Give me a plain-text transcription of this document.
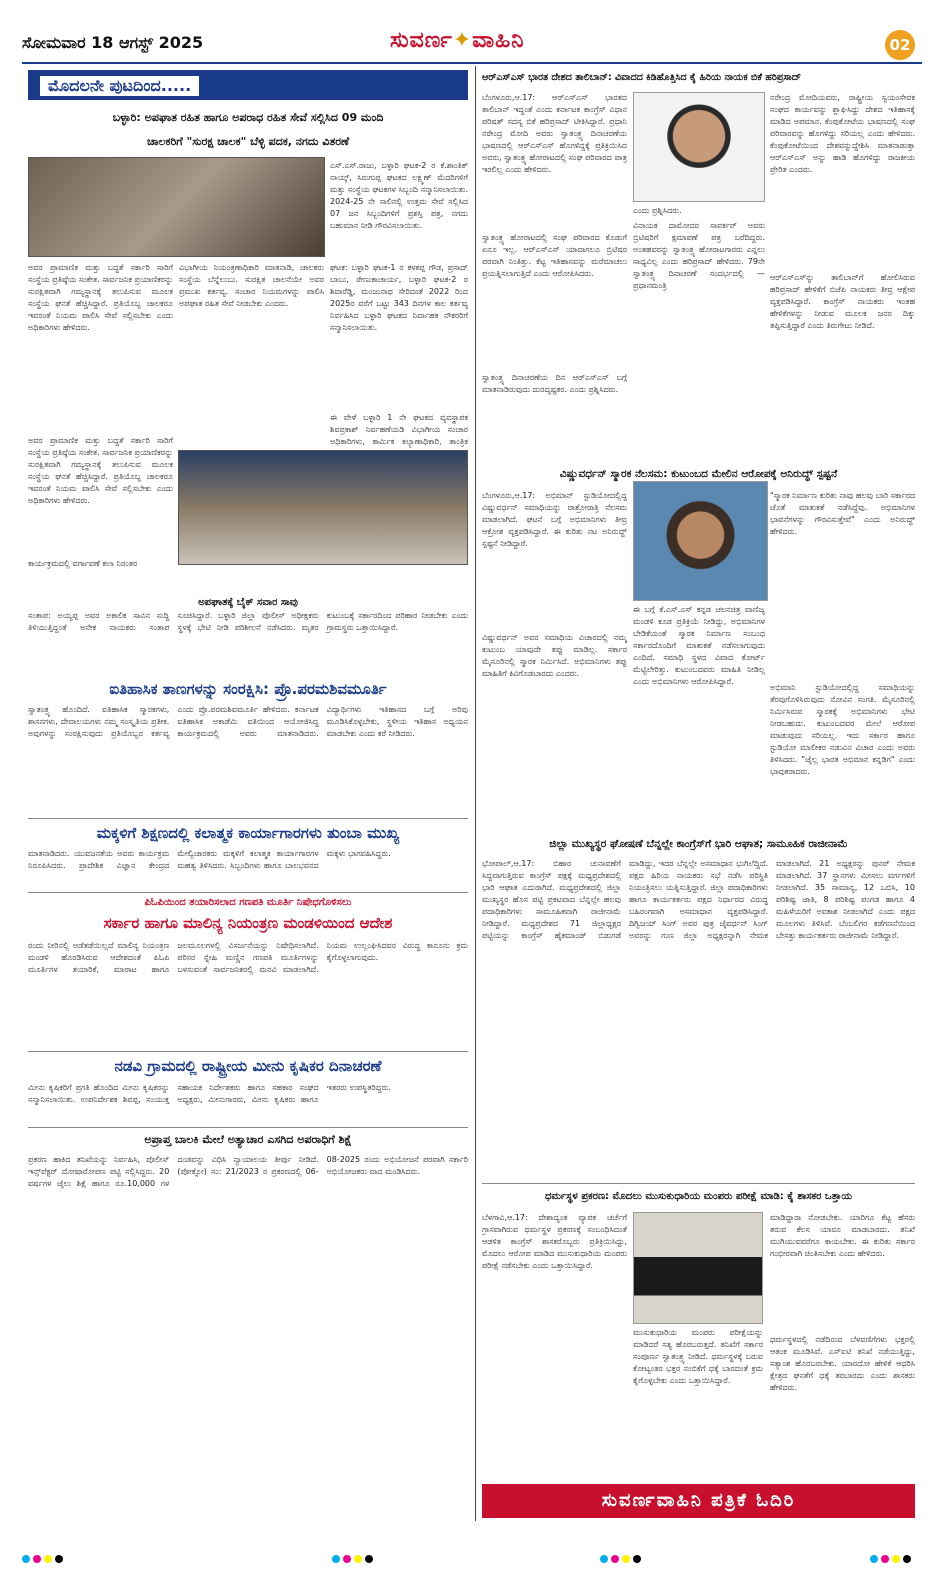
ಸೋಮವಾರ 18 ಆಗಸ್ಟ್ 2025	ಸುವರ್ಣ✦ವಾಹಿನಿ	02
ಮೊದಲನೇ ಪುಟದಿಂದ.....
ಬಳ್ಳಾರಿ: ಅಪಘಾತ ರಹಿತ ಹಾಗೂ ಅಪರಾಧ ರಹಿತ ಸೇವೆ ಸಲ್ಲಿಸಿದ 09 ಮಂದಿ
ಚಾಲಕರಿಗೆ "ಸುರಕ್ಷ ಚಾಲಕ" ಬೆಳ್ಳಿ ಪದಕ, ನಗದು ವಿತರಣೆ
ಅವರ ಪ್ರಾಮಾಣಿಕ ಮತ್ತು ಬದ್ಧತೆ ಸರ್ಕಾರಿ ಸಾರಿಗೆ ಸಂಸ್ಥೆಯ ಪ್ರತಿಷ್ಠೆಯ ಸಂಕೇತ. ಸಾರ್ವಜನಿಕ ಪ್ರಯಾಣಿಕರನ್ನು ಸುರಕ್ಷಿತವಾಗಿ ಗಮ್ಯಸ್ಥಾನಕ್ಕೆ ತಲುಪಿಸುವ ಮೂಲಕ ಸಂಸ್ಥೆಯ ಘನತೆ ಹೆಚ್ಚಿಸಿದ್ದಾರೆ. ಪ್ರತಿಯೊಬ್ಬ ಚಾಲಕರೂ ಇವರಂತೆ ನಿಯಮ ಪಾಲಿಸಿ ಸೇವೆ ಸಲ್ಲಿಸಬೇಕು ಎಂದು ಅಧಿಕಾರಿಗಳು ಹೇಳಿದರು.
ವಿಭಾಗೀಯ ನಿಯಂತ್ರಣಾಧಿಕಾರಿ ಮಾತನಾಡಿ, ಚಾಲಕರು ಸಂಸ್ಥೆಯ ಬೆನ್ನೆಲುಬು. ಸುರಕ್ಷಿತ ಚಾಲನೆಯೇ ಅವರ ಪ್ರಮುಖ ಕರ್ತವ್ಯ. ಸಂಚಾರ ನಿಯಮಗಳನ್ನು ಪಾಲಿಸಿ ಅಪಘಾತ ರಹಿತ ಸೇವೆ ನೀಡಬೇಕು ಎಂದರು.
ಎಸ್.ಎಸ್.ರಾಜು, ಬಳ್ಳಾರಿ ಘಟಕ-2 ರ ಕೆ.ಶಾಂತಿಕ್ ನಾಯ್ಕ್, ಸಿರುಗುಪ್ಪ ಘಟಕದ ಲಕ್ಷ್ಮಣ್ ಮೆದರಿಗಳಿಗೆ ಮತ್ತು ಸಂಸ್ಥೆಯ ಘಟಕಗಳ ಸಿಬ್ಬಂದಿ ಸನ್ಮಾನಿಸಲಾಯಿತು. 2024-25 ನೇ ಸಾಲಿನಲ್ಲಿ ಉತ್ತಮ ಸೇವೆ ಸಲ್ಲಿಸಿದ 07 ಜನ ಸಿಬ್ಬಂದಿಗಳಿಗೆ ಪ್ರಶಸ್ತಿ ಪತ್ರ, ನಗದು ಬಹುಮಾನ ನೀಡಿ ಗೌರವಿಸಲಾಯಿತು.
ಘಟಕ: ಬಳ್ಳಾರಿ ಘಟಕ-1 ರ ಕಳಕಪ್ಪ ಗೌಡ, ಪ್ರಸಾದ್ ಬಾಬು, ರೇಣುಕಾಚಾರ್ಯ, ಬಳ್ಳಾರಿ ಘಟಕ-2 ರ ಶಿವಾರೆಡ್ಡಿ, ಮಂಜುನಾಥ ಸೇರಿದಂತೆ 2022 ರಿಂದ 2025ರ ವರೆಗೆ ಒಟ್ಟು 343 ದಿನಗಳ ಕಾಲ ಕರ್ತವ್ಯ ನಿರ್ವಹಿಸಿದ ಬಳ್ಳಾರಿ ಘಟಕದ ನಿರ್ವಾಹಕ ನೌಕರರಿಗೆ ಸನ್ಮಾನಿಸಲಾಯಿತು.
ಈ ವೇಳೆ ಬಳ್ಳಾರಿ 1 ನೇ ಘಟಕದ ವ್ಯವಸ್ಥಾಪಕ ಶಿವಪ್ರಕಾಶ್ ನಿರ್ವಹಣೆಯಡಿ ವಿಭಾಗೀಯ ಸಂಚಾರ ಅಧಿಕಾರಿಗಳು, ಕಾರ್ಮಿಕ ಕಲ್ಯಾಣಾಧಿಕಾರಿ, ತಾಂತ್ರಿಕ
ಅವರ ಪ್ರಾಮಾಣಿಕ ಮತ್ತು ಬದ್ಧತೆ ಸರ್ಕಾರಿ ಸಾರಿಗೆ ಸಂಸ್ಥೆಯ ಪ್ರತಿಷ್ಠೆಯ ಸಂಕೇತ. ಸಾರ್ವಜನಿಕ ಪ್ರಯಾಣಿಕರನ್ನು ಸುರಕ್ಷಿತವಾಗಿ ಗಮ್ಯಸ್ಥಾನಕ್ಕೆ ತಲುಪಿಸುವ ಮೂಲಕ ಸಂಸ್ಥೆಯ ಘನತೆ ಹೆಚ್ಚಿಸಿದ್ದಾರೆ. ಪ್ರತಿಯೊಬ್ಬ ಚಾಲಕರೂ ಇವರಂತೆ ನಿಯಮ ಪಾಲಿಸಿ ಸೇವೆ ಸಲ್ಲಿಸಬೇಕು ಎಂದು ಅಧಿಕಾರಿಗಳು ಹೇಳಿದರು.
ಕಾರ್ಯಕ್ರಮದಲ್ಲಿ ವರ್ಗಾವಣೆ ಕಲಾ ನಿರಂತರ
ಅಪಘಾತಕ್ಕೆ ಬೈಕ್ ಸವಾರ ಸಾವು
ಸಂತಾಪ: ಅಯ್ಯಪ್ಪ ಅವರ ಅಕಾಲಿಕ ಸಾವಿನ ಸುದ್ದಿ ತಿಳಿಯುತ್ತಿದ್ದಂತೆ ಅನೇಕ ನಾಯಕರು ಸಂತಾಪ ಸೂಚಿಸಿದ್ದಾರೆ. ಬಳ್ಳಾರಿ ಜಿಲ್ಲಾ ಪೊಲೀಸ್ ಅಧೀಕ್ಷಕರು ಸ್ಥಳಕ್ಕೆ ಭೇಟಿ ನೀಡಿ ಪರಿಶೀಲನೆ ನಡೆಸಿದರು. ಮೃತರ ಕುಟುಂಬಕ್ಕೆ ಸರ್ಕಾರದಿಂದ ಪರಿಹಾರ ನೀಡಬೇಕು ಎಂದು ಗ್ರಾಮಸ್ಥರು ಒತ್ತಾಯಿಸಿದ್ದಾರೆ.
ಐತಿಹಾಸಿಕ ತಾಣಗಳನ್ನು ಸಂರಕ್ಷಿಸಿ: ಪ್ರೊ.ಪರಮಶಿವಮೂರ್ತಿ
ಸ್ವಾತಂತ್ರ್ಯ ಹೊಂದಿದೆ. ಐತಿಹಾಸಿಕ ಸ್ಮಾರಕಗಳು, ಶಾಸನಗಳು, ದೇವಾಲಯಗಳು ನಮ್ಮ ಸಂಸ್ಕೃತಿಯ ಪ್ರತೀಕ. ಅವುಗಳನ್ನು ಸಂರಕ್ಷಿಸುವುದು ಪ್ರತಿಯೊಬ್ಬರ ಕರ್ತವ್ಯ ಎಂದು ಪ್ರೊ.ಪರಮಶಿವಮೂರ್ತಿ ಹೇಳಿದರು. ಕರ್ನಾಟಕ ಐತಿಹಾಸಿಕ ಅಕಾಡೆಮಿ ವತಿಯಿಂದ ಆಯೋಜಿಸಿದ್ದ ಕಾರ್ಯಕ್ರಮದಲ್ಲಿ ಅವರು ಮಾತನಾಡಿದರು. ವಿದ್ಯಾರ್ಥಿಗಳು ಇತಿಹಾಸದ ಬಗ್ಗೆ ಅರಿವು ಮೂಡಿಸಿಕೊಳ್ಳಬೇಕು, ಸ್ಥಳೀಯ ಇತಿಹಾಸ ಅಧ್ಯಯನ ಮಾಡಬೇಕು ಎಂದು ಕರೆ ನೀಡಿದರು.
ಮಕ್ಕಳಿಗೆ ಶಿಕ್ಷಣದಲ್ಲಿ ಕಲಾತ್ಮಕ ಕಾರ್ಯಾಗಾರಗಳು ತುಂಬಾ ಮುಖ್ಯ
ಮಾತನಾಡಿದರು. ಯುವಜನತೆಯ ಅವರು ಕಾರ್ಯಕ್ರಮ ನಿರೂಪಿಸಿದರು. ಪ್ರಾದೇಶಿಕ ವಿಜ್ಞಾನ ಕೇಂದ್ರದ ಮೇಲ್ವಿಚಾರಕರು ಮಕ್ಕಳಿಗೆ ಕಲಾತ್ಮಕ ಕಾರ್ಯಾಗಾರಗಳ ಮಹತ್ವ ತಿಳಿಸಿದರು. ಸಿಬ್ಬಂದಿಗಳು ಹಾಗೂ ಬಾಲಭವನದ ಮಕ್ಕಳು ಭಾಗವಹಿಸಿದ್ದರು.
ಪಿಓಪಿಯಿಂದ ತಯಾರಿಸಲಾದ ಗಣಪತಿ ಮೂರ್ತಿ ನಿಷೇಧಗೊಳಿಸಲು
ಸರ್ಕಾರ ಹಾಗೂ ಮಾಲಿನ್ಯ ನಿಯಂತ್ರಣ ಮಂಡಳಿಯಿಂದ ಆದೇಶ
ರಂದು ನೀರಿನಲ್ಲಿ ಅಡೆತಡೆಯಿಲ್ಲದೆ ಮಾಲಿನ್ಯ ನಿಯಂತ್ರಣ ಮಂಡಳಿ ಹೊರಡಿಸಿರುವ ಆದೇಶದಂತೆ ಪಿಓಪಿ ಮೂರ್ತಿಗಳ ತಯಾರಿಕೆ, ಮಾರಾಟ ಹಾಗೂ ಜಲಮೂಲಗಳಲ್ಲಿ ವಿಸರ್ಜನೆಯನ್ನು ನಿಷೇಧಿಸಲಾಗಿದೆ. ಪರಿಸರ ಸ್ನೇಹಿ ಮಣ್ಣಿನ ಗಣಪತಿ ಮೂರ್ತಿಗಳನ್ನು ಬಳಸುವಂತೆ ಸಾರ್ವಜನಿಕರಲ್ಲಿ ಮನವಿ ಮಾಡಲಾಗಿದೆ. ನಿಯಮ ಉಲ್ಲಂಘಿಸಿದವರ ವಿರುದ್ಧ ಕಾನೂನು ಕ್ರಮ ಕೈಗೊಳ್ಳಲಾಗುವುದು.
ನಡವಿ ಗ್ರಾಮದಲ್ಲಿ ರಾಷ್ಟ್ರೀಯ ಮೀನು ಕೃಷಿಕರ ದಿನಾಚರಣೆ
ಮೀನು ಕೃಷಿಕರಿಗೆ ಪ್ರಗತಿ ಹೊಂದಿದ ಮೀನು ಕೃಷಿಕರನ್ನು ಸನ್ಮಾನಿಸಲಾಯಿತು. ಉಪನಿರ್ದೇಶಕ ಶಿವಪ್ಪ, ಸಂಯುಕ್ತ ಸಹಾಯಕ ನಿರ್ದೇಶಕರು ಹಾಗೂ ಸಹಕಾರ ಸಂಘದ ಅಧ್ಯಕ್ಷರು, ಮೀನುಗಾರರು, ಮೀನು ಕೃಷಿಕರು ಹಾಗೂ ಇತರರು ಉಪಸ್ಥಿತರಿದ್ದರು.
ಅಪ್ರಾಪ್ತ ಬಾಲಕಿ ಮೇಲೆ ಅತ್ಯಾಚಾರ ಎಸಗಿದ ಅಪರಾಧಿಗೆ ಶಿಕ್ಷೆ
ಪ್ರಕರಣ ಹಾಕಿದ ತನಿಖೆಯನ್ನು ನಿರ್ವಹಿಸಿ, ಪೊಲೀಸ್ ಇನ್ಸ್‌ಪೆಕ್ಟರ್ ದೋಷಾರೋಪಣ ಪಟ್ಟಿ ಸಲ್ಲಿಸಿದ್ದರು. 20 ವರ್ಷಗಳ ಜೈಲು ಶಿಕ್ಷೆ ಹಾಗೂ ರೂ.10,000 ಗಳ ದಂಡವನ್ನು ವಿಧಿಸಿ ನ್ಯಾಯಾಲಯ ತೀರ್ಪು ನೀಡಿದೆ. (ಪೋಕ್ಸೋ) ಸಂ: 21/2023 ರ ಪ್ರಕರಣದಲ್ಲಿ 06-08-2025 ರಂದು ಅಭಿಯೋಜನೆ ಪರವಾಗಿ ಸರ್ಕಾರಿ ಅಭಿಯೋಜಕರು ವಾದ ಮಂಡಿಸಿದರು.
ಆರ್‌ಎಸ್‌ಎಸ್ ಭಾರತ ದೇಶದ ತಾಲಿಬಾನ್: ವಿವಾದದ ಕಿಡಿಹೊತ್ತಿಸಿದ ಕೈ ಹಿರಿಯ ನಾಯಕ ಬಿಕೆ ಹರಿಪ್ರಸಾದ್
ಬೆಂಗಳೂರು,ಆ.17: ಆರ್‌ಎಸ್‌ಎಸ್ ಭಾರತದ ತಾಲಿಬಾನ್ ಇದ್ದಂತೆ ಎಂದು ಕರ್ನಾಟಕ ಕಾಂಗ್ರೆಸ್ ವಿಧಾನ ಪರಿಷತ್ ಸದಸ್ಯ ಬಿಕೆ ಹರಿಪ್ರಸಾದ್ ಟೀಕಿಸಿದ್ದಾರೆ. ಪ್ರಧಾನಿ ನರೇಂದ್ರ ಮೋದಿ ಅವರು ಸ್ವಾತಂತ್ರ್ಯ ದಿನಾಚರಣೆಯ ಭಾಷಣದಲ್ಲಿ ಆರ್‌ಎಸ್‌ಎಸ್ ಹೊಗಳಿದ್ದಕ್ಕೆ ಪ್ರತಿಕ್ರಿಯಿಸಿದ ಅವರು, ಸ್ವಾತಂತ್ರ್ಯ ಹೋರಾಟದಲ್ಲಿ ಸಂಘ ಪರಿವಾರದ ಪಾತ್ರ ಇರಲಿಲ್ಲ ಎಂದು ಹೇಳಿದರು.
ಎಂದು ಪ್ರಶ್ನಿಸಿದರು.
ನರೇಂದ್ರ ಮೋದಿಯವರು, ರಾಷ್ಟ್ರೀಯ ಸ್ವಯಂಸೇವಕ ಸಂಘದ ಕಾರ್ಯವನ್ನು ಶ್ಲಾಘಿಸಿದ್ದು ದೇಶದ ಇತಿಹಾಸಕ್ಕೆ ಮಾಡಿದ ಅಪಮಾನ. ಕೆಂಪುಕೋಟೆಯ ಭಾಷಣದಲ್ಲಿ ಸಂಘ ಪರಿವಾರವನ್ನು ಹೊಗಳಿದ್ದು ಸರಿಯಲ್ಲ ಎಂದು ಹೇಳಿದರು. ಕೆಂಪುಕೋಟೆಯಿಂದ ದೇಶವನ್ನುದ್ದೇಶಿಸಿ ಮಾತನಾಡುತ್ತಾ ಆರ್‌ಎಸ್‌ಎಸ್ ಅನ್ನು ಹಾಡಿ ಹೊಗಳಿದ್ದು ರಾಜಕೀಯ ಪ್ರೇರಿತ ಎಂದರು.
ಸ್ವಾತಂತ್ರ್ಯ ಹೋರಾಟದಲ್ಲಿ ಸಂಘ ಪರಿವಾರದ ಕೊಡುಗೆ ಏನೂ ಇಲ್ಲ. ಆರ್‌ಎಸ್‌ಎಸ್ ಯಾವಾಗಲೂ ಬ್ರಿಟಿಷರ ಪರವಾಗಿ ನಿಂತಿತ್ತು. ಕೆಟ್ಟ ಇತಿಹಾಸವನ್ನು ಮರೆಮಾಚಲು ಪ್ರಯತ್ನಿಸಲಾಗುತ್ತಿದೆ ಎಂದು ಆರೋಪಿಸಿದರು.
ವಿನಾಯಕ ದಾಮೋದರ ಸಾವರ್ಕರ್ ಅವರು ಬ್ರಿಟಿಷರಿಗೆ ಕ್ಷಮಾಪಣೆ ಪತ್ರ ಬರೆದಿದ್ದರು. ಅಂತಹವರನ್ನು ಸ್ವಾತಂತ್ರ್ಯ ಹೋರಾಟಗಾರರು ಎನ್ನಲು ಸಾಧ್ಯವಿಲ್ಲ ಎಂದು ಹರಿಪ್ರಸಾದ್ ಹೇಳಿದರು. 79ನೇ ಸ್ವಾತಂತ್ರ್ಯ ದಿನಾಚರಣೆ ಸಂದರ್ಭದಲ್ಲಿ — ಪ್ರಧಾನಮಂತ್ರಿ
ಆರ್‌ಎಸ್‌ಎಸ್‌ನ್ನು ತಾಲಿಬಾನ್‌ಗೆ ಹೋಲಿಸಿರುವ ಹರಿಪ್ರಸಾದ್ ಹೇಳಿಕೆಗೆ ಬಿಜೆಪಿ ನಾಯಕರು ತೀವ್ರ ಆಕ್ಷೇಪ ವ್ಯಕ್ತಪಡಿಸಿದ್ದಾರೆ. ಕಾಂಗ್ರೆಸ್ ನಾಯಕರು ಇಂತಹ ಹೇಳಿಕೆಗಳನ್ನು ನೀಡುವ ಮೂಲಕ ಜನರ ದಿಕ್ಕು ತಪ್ಪಿಸುತ್ತಿದ್ದಾರೆ ಎಂದು ತಿರುಗೇಟು ನೀಡಿದೆ.
ಸ್ವಾತಂತ್ರ್ಯ ದಿನಾಚರಣೆಯ ದಿನ ಆರ್‌ಎಸ್‌ಎಸ್ ಬಗ್ಗೆ ಮಾತನಾಡಿರುವುದು ದುರದೃಷ್ಟಕರ. ಎಂದು ಪ್ರಶ್ನಿಸಿದರು.
ವಿಷ್ಣುವರ್ಧನ್ ಸ್ಮಾರಕ ನೆಲಸಮ: ಕುಟುಂಬದ ಮೇಲಿನ ಆರೋಪಕ್ಕೆ ಅನಿರುದ್ಧ್ ಸ್ಪಷ್ಟನೆ
ಬೆಂಗಳೂರು,ಆ.17: ಅಭಿಮಾನ್ ಸ್ಟುಡಿಯೋದಲ್ಲಿದ್ದ ವಿಷ್ಣುವರ್ಧನ್ ಸಮಾಧಿಯನ್ನು ರಾತ್ರೋರಾತ್ರಿ ನೆಲಸಮ ಮಾಡಲಾಗಿದೆ. ಘಟನೆ ಬಗ್ಗೆ ಅಭಿಮಾನಿಗಳು ತೀವ್ರ ಆಕ್ರೋಶ ವ್ಯಕ್ತಪಡಿಸಿದ್ದಾರೆ. ಈ ಕುರಿತು ನಟ ಅನಿರುದ್ಧ್ ಸ್ಪಷ್ಟನೆ ನೀಡಿದ್ದಾರೆ.
"ಸ್ಮಾರಕ ನಿರ್ಮಾಣ ಕುರಿತು ನಾವು ಹಲವು ಬಾರಿ ಸರ್ಕಾರದ ಜೊತೆ ಮಾತುಕತೆ ನಡೆಸಿದ್ದೆವು. ಅಭಿಮಾನಿಗಳ ಭಾವನೆಗಳನ್ನು ಗೌರವಿಸುತ್ತೇವೆ" ಎಂದು ಅನಿರುದ್ಧ್ ಹೇಳಿದರು.
ವಿಷ್ಣುವರ್ಧನ್ ಅವರ ಸಮಾಧಿಯ ವಿಚಾರದಲ್ಲಿ ನಮ್ಮ ಕುಟುಂಬ ಯಾವುದೇ ತಪ್ಪು ಮಾಡಿಲ್ಲ. ಸರ್ಕಾರ ಮೈಸೂರಿನಲ್ಲಿ ಸ್ಮಾರಕ ನಿರ್ಮಿಸಿದೆ. ಅಭಿಮಾನಿಗಳು ತಪ್ಪು ಮಾಹಿತಿಗೆ ಕಿವಿಗೊಡಬಾರದು ಎಂದರು.
ಈ ಬಗ್ಗೆ ಕೆ.ಎಸ್.ಎಸ್ ಕನ್ನಡ ಚಲನಚಿತ್ರ ವಾಣಿಜ್ಯ ಮಂಡಳಿ ಕೂಡ ಪ್ರತಿಕ್ರಿಯೆ ನೀಡಿದ್ದು, ಅಭಿಮಾನಿಗಳ ಬೇಡಿಕೆಯಂತೆ ಸ್ಮಾರಕ ನಿರ್ಮಾಣ ಸಂಬಂಧ ಸರ್ಕಾರದೊಂದಿಗೆ ಮಾತುಕತೆ ನಡೆಸಲಾಗುವುದು ಎಂದಿದೆ. ಸಮಾಧಿ ಸ್ಥಳದ ವಿವಾದ ಕೋರ್ಟ್ ಮೆಟ್ಟಿಲೇರಿತ್ತು. ಕುಟುಂಬದವರು ಮಾಹಿತಿ ನೀಡಿಲ್ಲ ಎಂದು ಅಭಿಮಾನಿಗಳು ಆರೋಪಿಸಿದ್ದಾರೆ.
ಅಭಿಮಾನಿ ಸ್ಟುಡಿಯೋದಲ್ಲಿದ್ದ ಸಮಾಧಿಯನ್ನು ತೆರವುಗೊಳಿಸಿರುವುದು ನೋವಿನ ಸಂಗತಿ. ಮೈಸೂರಿನಲ್ಲಿ ನಿರ್ಮಿಸಿರುವ ಸ್ಮಾರಕಕ್ಕೆ ಅಭಿಮಾನಿಗಳು ಭೇಟಿ ನೀಡಬಹುದು. ಕುಟುಂಬದವರ ಮೇಲೆ ಆರೋಪ ಮಾಡುವುದು ಸರಿಯಲ್ಲ. ಇದು ಸರ್ಕಾರ ಹಾಗೂ ಸ್ಟುಡಿಯೋ ಮಾಲೀಕರ ನಡುವಿನ ವಿಚಾರ ಎಂದು ಅವರು ತಿಳಿಸಿದರು. "ಜೈಲ್ಲ ಭಾರತ ಅಭಿಮಾನ ಕನ್ನಡಿಗ" ಎಂದು ಭಾವುಕರಾದರು.
ಜಿಲ್ಲಾ ಮುಖ್ಯಸ್ಥರ ಘೋಷಣೆ ಬೆನ್ನಲ್ಲೇ ಕಾಂಗ್ರೆಸ್‌ಗೆ ಭಾರಿ ಆಘಾತ; ಸಾಮೂಹಿಕ ರಾಜೀನಾಮೆ
ಭೋಪಾಲ್,ಆ.17: ಬಿಹಾರ ಚುನಾವಣೆಗೆ ಸಿದ್ಧವಾಗುತ್ತಿರುವ ಕಾಂಗ್ರೆಸ್ ಪಕ್ಷಕ್ಕೆ ಮಧ್ಯಪ್ರದೇಶದಲ್ಲಿ ಭಾರಿ ಆಘಾತ ಎದುರಾಗಿದೆ. ಮಧ್ಯಪ್ರದೇಶದಲ್ಲಿ ಜಿಲ್ಲಾ ಮುಖ್ಯಸ್ಥರ ಹೊಸ ಪಟ್ಟಿ ಪ್ರಕಟವಾದ ಬೆನ್ನಲ್ಲೇ ಹಲವು ಪದಾಧಿಕಾರಿಗಳು ಸಾಮೂಹಿಕವಾಗಿ ರಾಜೀನಾಮೆ ನೀಡಿದ್ದಾರೆ. ಮಧ್ಯಪ್ರದೇಶದ 71 ಜಿಲ್ಲಾಧ್ಯಕ್ಷರ ಪಟ್ಟಿಯನ್ನು ಕಾಂಗ್ರೆಸ್ ಹೈಕಮಾಂಡ್ ಬಿಡುಗಡೆ ಮಾಡಿದ್ದು, ಇದರ ಬೆನ್ನಲ್ಲೇ ಅಸಮಾಧಾನ ಭುಗಿಲೆದ್ದಿದೆ. ಪಕ್ಷದ ಹಿರಿಯ ನಾಯಕರು ಸಭೆ ನಡೆಸಿ ಪರಿಸ್ಥಿತಿ ನಿಯಂತ್ರಿಸಲು ಯತ್ನಿಸುತ್ತಿದ್ದಾರೆ. ಜಿಲ್ಲಾ ಪದಾಧಿಕಾರಿಗಳು ಹಾಗೂ ಕಾರ್ಯಕರ್ತರು ಪಕ್ಷದ ನಿರ್ಧಾರದ ವಿರುದ್ಧ ಬಹಿರಂಗವಾಗಿ ಅಸಮಾಧಾನ ವ್ಯಕ್ತಪಡಿಸಿದ್ದಾರೆ. ದಿಗ್ವಿಜಯ್ ಸಿಂಗ್ ಅವರ ಪುತ್ರ ಜೈವರ್ಧನ್ ಸಿಂಗ್ ಅವರನ್ನು ಗುಣ ಜಿಲ್ಲಾ ಅಧ್ಯಕ್ಷರನ್ನಾಗಿ ನೇಮಕ ಮಾಡಲಾಗಿದೆ. 21 ಅಧ್ಯಕ್ಷರನ್ನು ಪುನರ್ ನೇಮಕ ಮಾಡಲಾಗಿದೆ. 37 ಸ್ಥಾನಗಳು ಮೀಸಲು ವರ್ಗಗಳಿಗೆ ನೀಡಲಾಗಿದೆ. 35 ಸಾಮಾನ್ಯ, 12 ಒಬಿಸಿ, 10 ಪರಿಶಿಷ್ಟ ಜಾತಿ, 8 ಪರಿಶಿಷ್ಟ ಪಂಗಡ ಹಾಗೂ 4 ಮಹಿಳೆಯರಿಗೆ ಅವಕಾಶ ನೀಡಲಾಗಿದೆ ಎಂದು ಪಕ್ಷದ ಮೂಲಗಳು ತಿಳಿಸಿವೆ. ಬೆಂಬಲಿಗರ ಕಡೆಗಣನೆಯಿಂದ ಬೇಸತ್ತು ಕಾರ್ಯಕರ್ತರು ರಾಜೀನಾಮೆ ನೀಡಿದ್ದಾರೆ.
ಧರ್ಮಸ್ಥಳ ಪ್ರಕರಣ: ಮೊದಲು ಮುಸುಕುಧಾರಿಯ ಮಂಪರು ಪರೀಕ್ಷೆ ಮಾಡಿ: ಕೈ ಶಾಸಕರ ಒತ್ತಾಯ
ಬೆಳಗಾವಿ,ಆ.17: ದೇಶಾದ್ಯಂತ ವ್ಯಾಪಕ ಚರ್ಚೆಗೆ ಗ್ರಾಸವಾಗಿರುವ ಧರ್ಮಸ್ಥಳ ಪ್ರಕರಣಕ್ಕೆ ಸಂಬಂಧಿಸಿದಂತೆ ಆಡಳಿತ ಕಾಂಗ್ರೆಸ್ ಶಾಸಕರೊಬ್ಬರು ಪ್ರತಿಕ್ರಿಯಿಸಿದ್ದು, ಮೊದಲು ಆರೋಪ ಮಾಡಿದ ಮುಸುಕುಧಾರಿಯ ಮಂಪರು ಪರೀಕ್ಷೆ ನಡೆಸಬೇಕು ಎಂದು ಒತ್ತಾಯಿಸಿದ್ದಾರೆ.
ಮುಸುಕುಧಾರಿಯ ಮಂಪರು ಪರೀಕ್ಷೆಯನ್ನು ಮಾಡಿದರೆ ಸತ್ಯ ಹೊರಬರುತ್ತದೆ. ತನಿಖೆಗೆ ಸರ್ಕಾರ ಸಂಪೂರ್ಣ ಸ್ವಾತಂತ್ರ್ಯ ನೀಡಿದೆ. ಧರ್ಮಸ್ಥಳಕ್ಕೆ ಬರುವ ಕೋಟ್ಯಂತರ ಭಕ್ತರ ನಂಬಿಕೆಗೆ ಧಕ್ಕೆ ಬಾರದಂತೆ ಕ್ರಮ ಕೈಗೊಳ್ಳಬೇಕು ಎಂದು ಒತ್ತಾಯಿಸಿದ್ದಾರೆ.
ಮಾಡಿದ್ದಾರಾ ನೋಡಬೇಕು. ಯಾರಿಗೂ ಕೆಟ್ಟ ಹೆಸರು ತರುವ ಕೆಲಸ ಯಾರೂ ಮಾಡಬಾರದು. ತನಿಖೆ ಮುಗಿಯುವವರೆಗೂ ಕಾಯಬೇಕು. ಈ ಕುರಿತು ಸರ್ಕಾರ ಗಂಭೀರವಾಗಿ ಚಿಂತಿಸಬೇಕು ಎಂದು ಹೇಳಿದರು.
ಧರ್ಮಸ್ಥಳದಲ್ಲಿ ನಡೆದಿರುವ ಬೆಳವಣಿಗೆಗಳು ಭಕ್ತರಲ್ಲಿ ಆತಂಕ ಮೂಡಿಸಿವೆ. ಎಸ್‌ಐಟಿ ತನಿಖೆ ನಡೆಯುತ್ತಿದ್ದು, ಸತ್ಯಾಂಶ ಹೊರಬರಬೇಕು. ಯಾರದೋ ಹೇಳಿಕೆ ಆಧರಿಸಿ ಕ್ಷೇತ್ರದ ಘನತೆಗೆ ಧಕ್ಕೆ ತರಬಾರದು ಎಂದು ಶಾಸಕರು ಹೇಳಿದರು.
ಸುವರ್ಣವಾಹಿನಿ ಪತ್ರಿಕೆ ಓದಿರಿ
